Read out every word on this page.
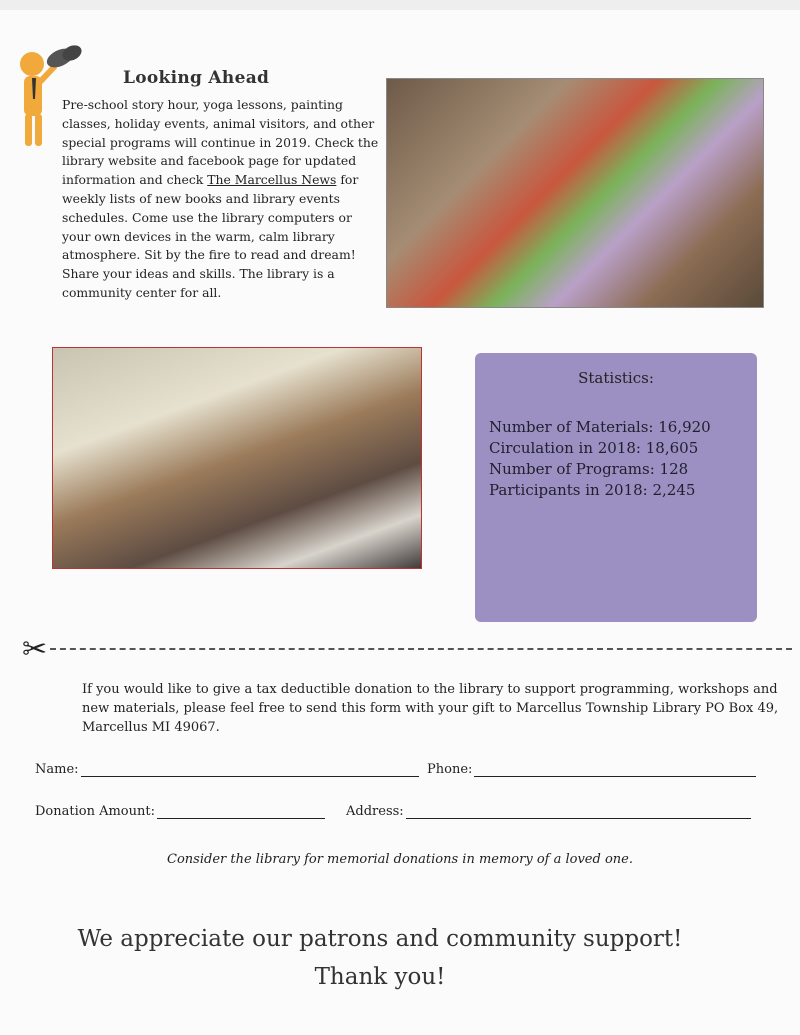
Looking Ahead
Pre-school story hour, yoga lessons, painting classes, holiday events, animal visitors, and other special programs will continue in 2019. Check the library website and facebook page for updated information and check The Marcellus News for weekly lists of new books and library events schedules. Come use the library computers or your own devices in the warm, calm library atmosphere. Sit by the fire to read and dream! Share your ideas and skills. The library is a community center for all.
Statistics:
Number of Materials: 16,920
Circulation in 2018: 18,605
Number of Programs: 128
Participants in 2018: 2,245
✂
If you would like to give a tax deductible donation to the library to support programming, workshops and new materials, please feel free to send this form with your gift to Marcellus Township Library PO Box 49, Marcellus MI 49067.
Name:	Phone:
Donation Amount:	Address:
Consider the library for memorial donations in memory of a loved one.
We appreciate our patrons and community support!
Thank you!
